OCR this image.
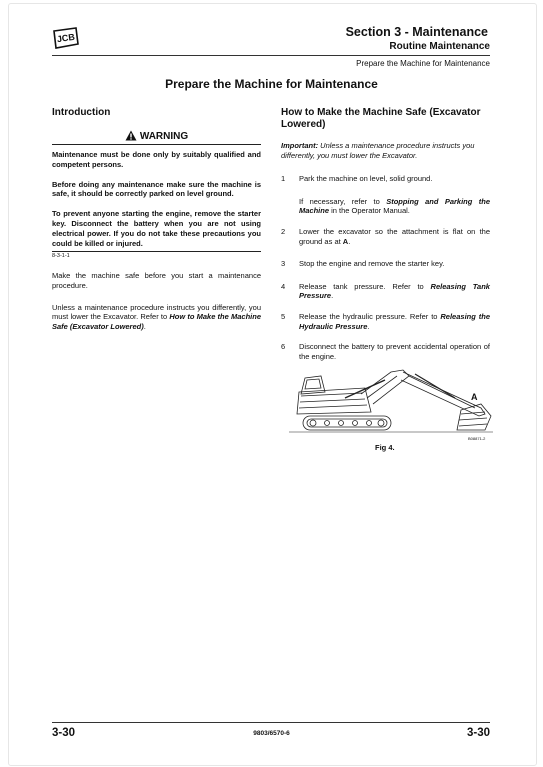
JCB	Section 3 - Maintenance
Routine Maintenance
Prepare the Machine for Maintenance
Prepare the Machine for Maintenance
Introduction
WARNING
Maintenance must be done only by suitably qualified and competent persons.
Before doing any maintenance make sure the machine is safe, it should be correctly parked on level ground.
To prevent anyone starting the engine, remove the starter key. Disconnect the battery when you are not using electrical power. If you do not take these precautions you could be killed or injured.
8-3-1-1
Make the machine safe before you start a maintenance procedure.
Unless a maintenance procedure instructs you differently, you must lower the Excavator. Refer to How to Make the Machine Safe (Excavator Lowered).
How to Make the Machine Safe (Excavator Lowered)
Important: Unless a maintenance procedure instructs you differently, you must lower the Excavator.
1 Park the machine on level, solid ground.
If necessary, refer to Stopping and Parking the Machine in the Operator Manual.
2 Lower the excavator so the attachment is flat on the ground as at A.
3 Stop the engine and remove the starter key.
4 Release tank pressure. Refer to Releasing Tank Pressure.
5 Release the hydraulic pressure. Refer to Releasing the Hydraulic Pressure.
6 Disconnect the battery to prevent accidental operation of the engine.
A
B08871-2
Fig 4.
3-30	9803/6570-6	3-30
